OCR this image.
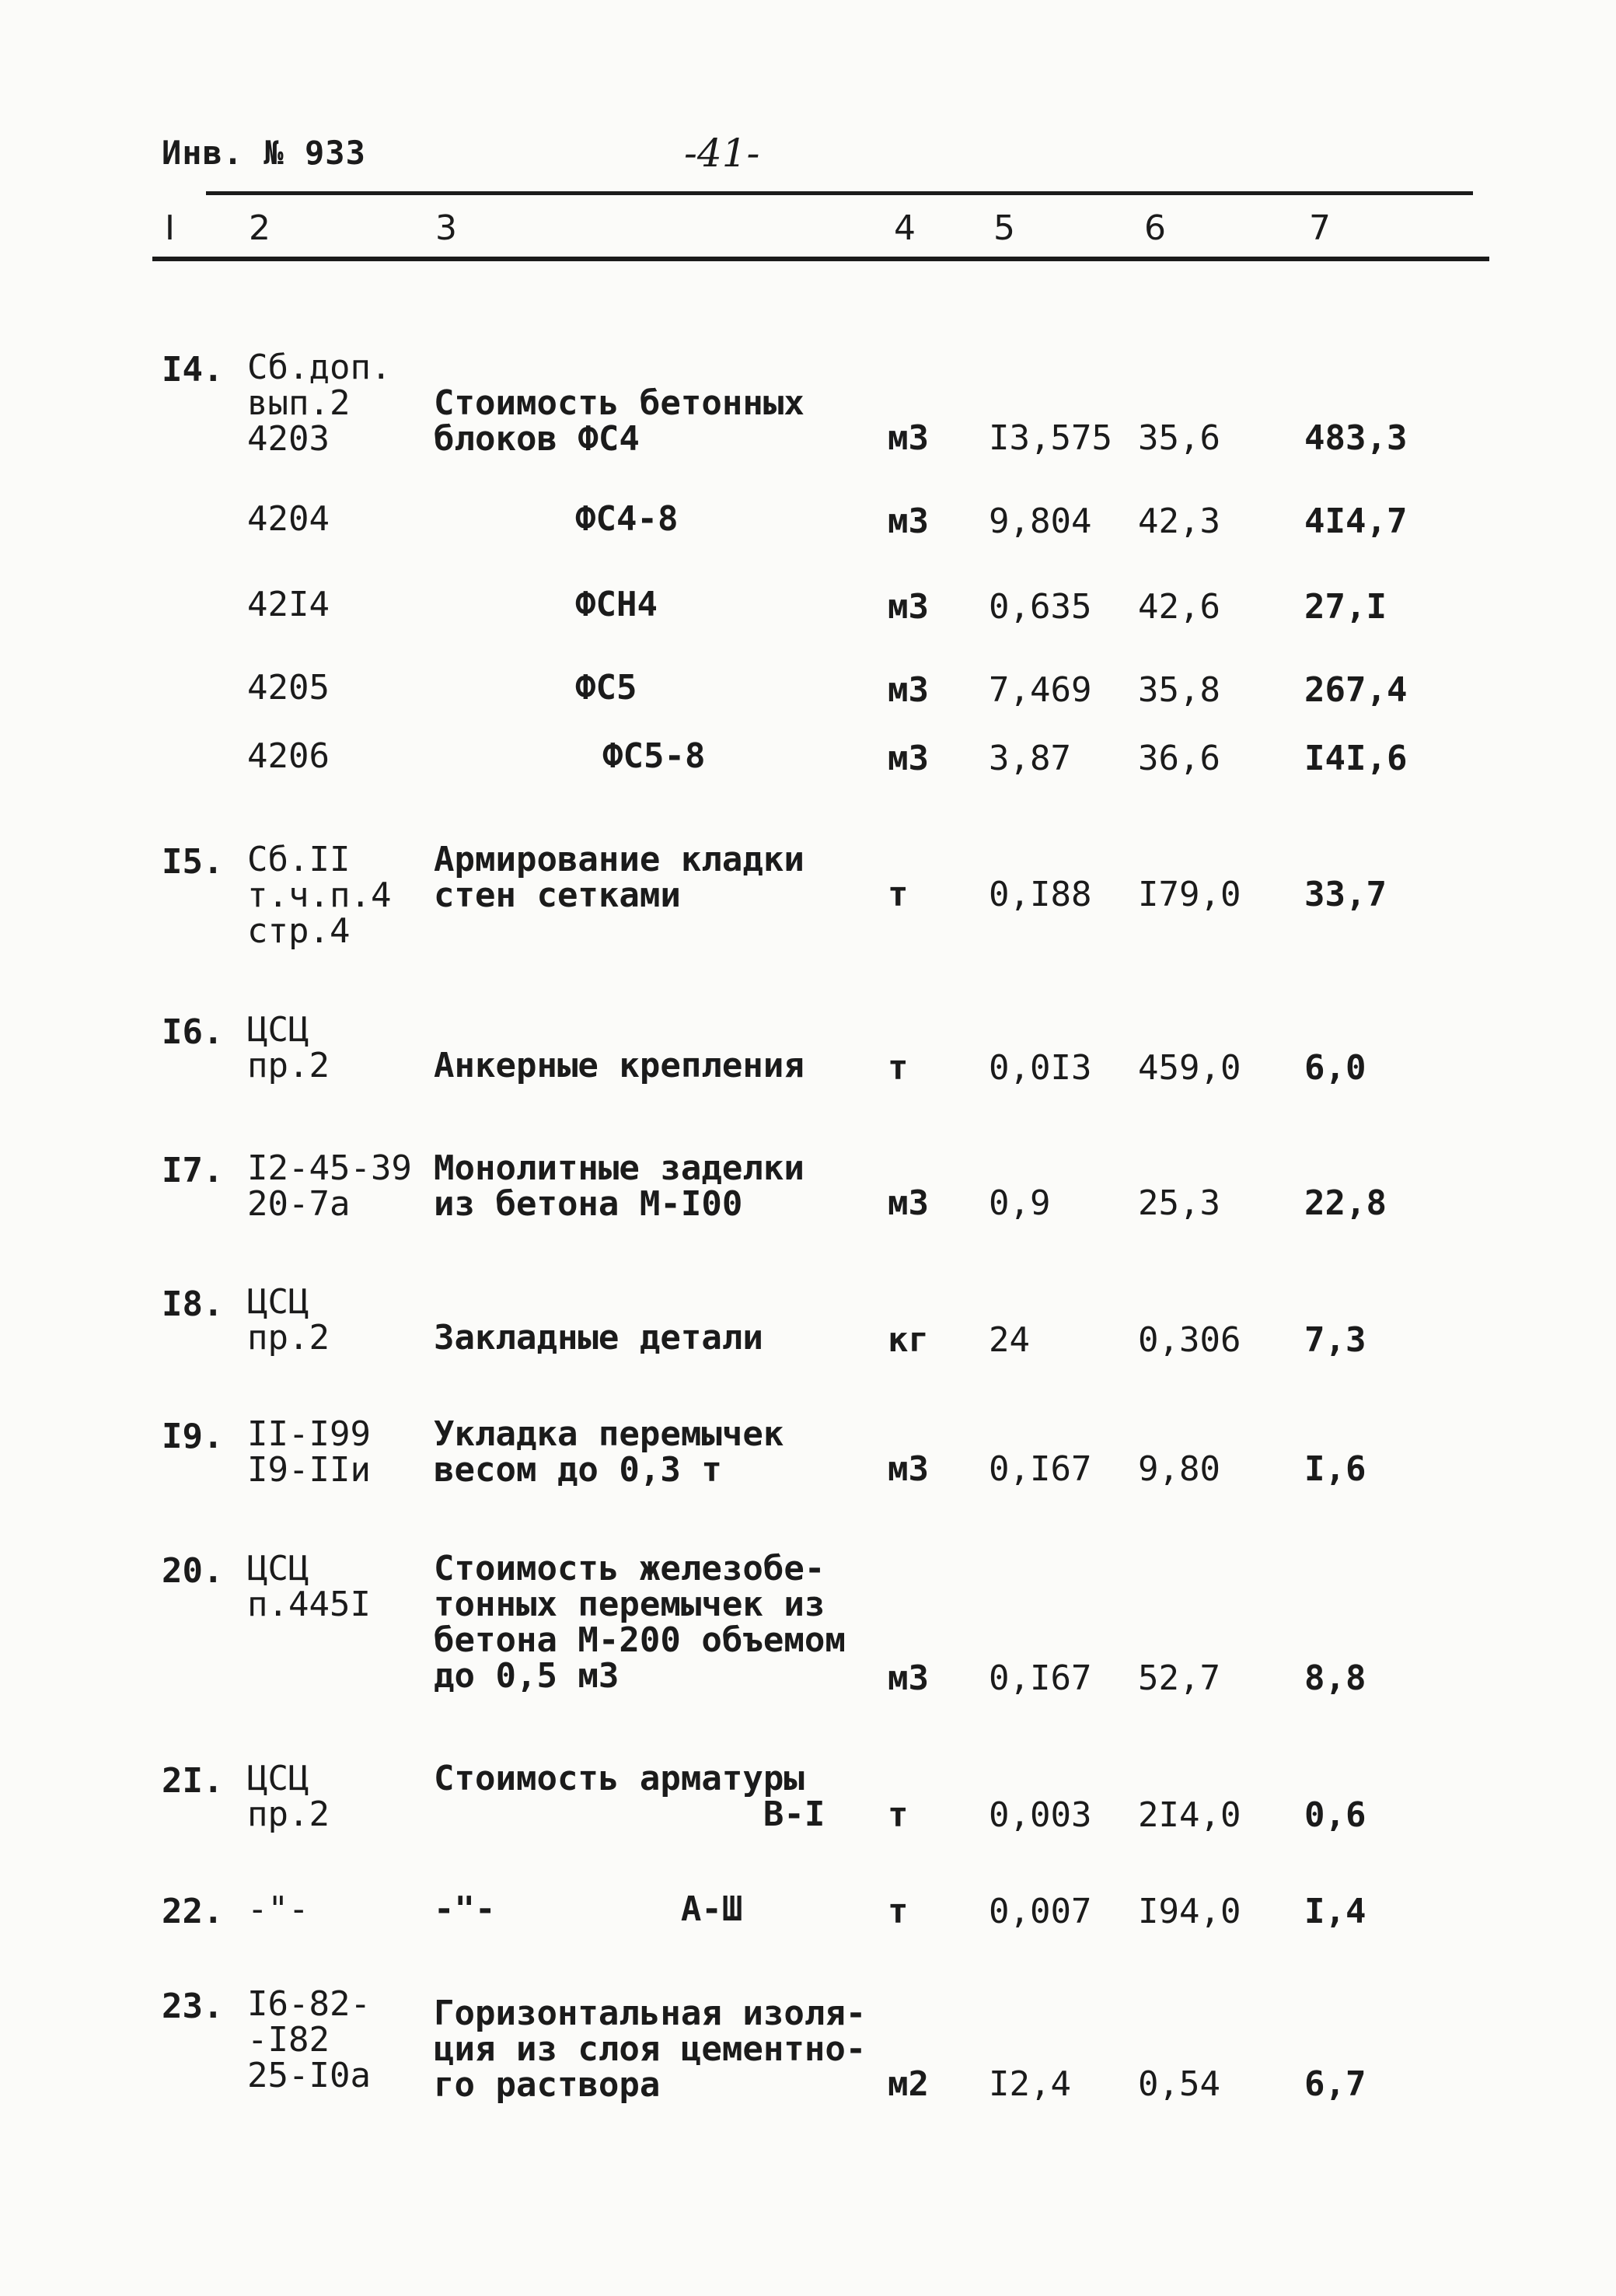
Инв. № 933	-41-
I 2	3	4 5	6	7
I4. Сб.доп.
вып.2
4203
Стоимость бетонных
блоков ФС4	м3 I3,575 35,6 483,3
4204	ФС4-8	м3 9,804 42,3 4I4,7
42I4	ФСН4	м3 0,635 42,6 27,I
4205	ФС5	м3 7,469 35,8 267,4
4206	ФС5-8	м3 3,87 36,6 I4I,6
I5. Сб.II
т.ч.п.4
стр.4
Армирование кладки
стен сетками	т 0,I88 I79,0 33,7
I6. ЦСЦ
пр.2	Анкерные крепления т 0,0I3 459,0 6,0
I7. I2-45-39
20-7а
Монолитные заделки
из бетона М-I00	м3 0,9	25,3 22,8
I8. ЦСЦ
пр.2	Закладные детали	кг 24	0,306 7,3
I9. II-I99
I9-IIи
Укладка перемычек
весом до 0,3 т	м3 0,I67 9,80 I,6
20. ЦСЦ
п.445I
Стоимость железобе-
тонных перемычек из
бетона М-200 объемом
до 0,5 м3	м3 0,I67 52,7 8,8
2I. ЦСЦ
пр.2
Стоимость арматуры
В-I т 0,003 2I4,0 0,6
22. -"-	-"-         А-Ш	т 0,007 I94,0 I,4
23. I6-82-
-I82
25-I0а
Горизонтальная изоля-
ция из слоя цементно-
го раствора	м2 I2,4 0,54 6,7
